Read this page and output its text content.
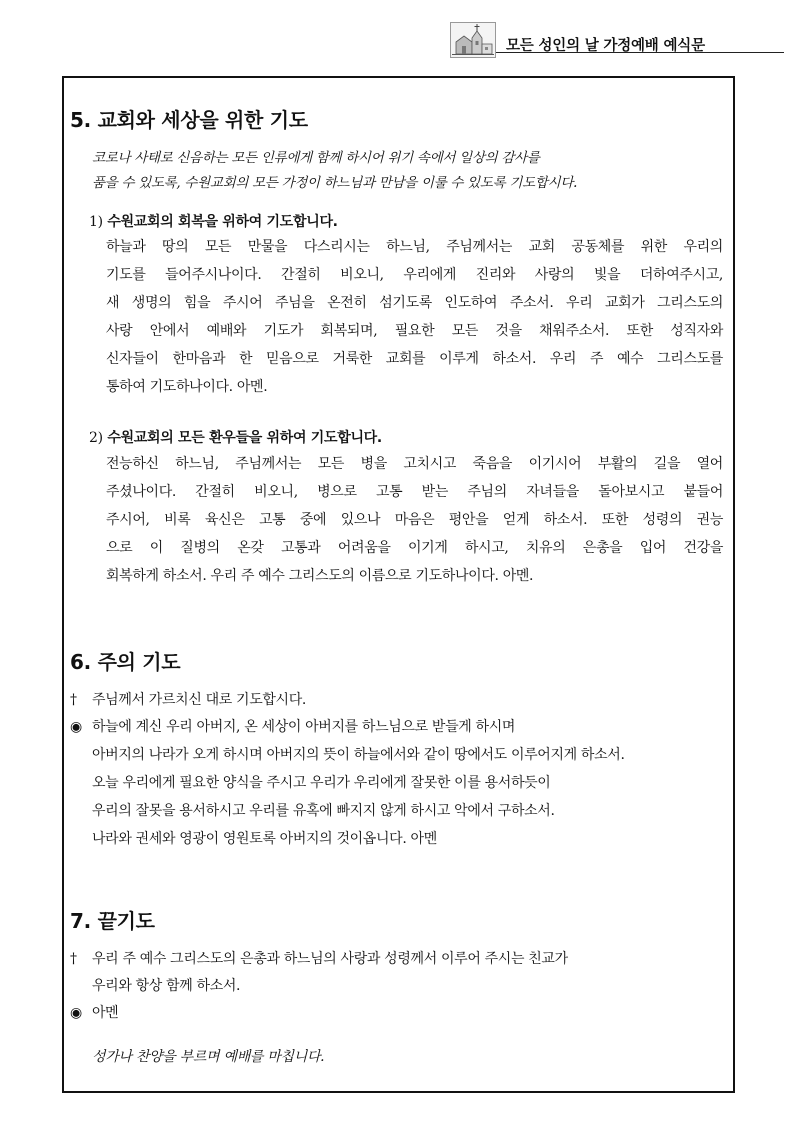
모든 성인의 날 가정예배 예식문
5. 교회와 세상을 위한 기도
코로나 사태로 신음하는 모든 인류에게 함께 하시어 위기 속에서 일상의 감사를
품을 수 있도록, 수원교회의 모든 가정이 하느님과 만남을 이룰 수 있도록 기도합시다.
1) 수원교회의 회복을 위하여 기도합니다.
하늘과 땅의 모든 만물을 다스리시는 하느님, 주님께서는 교회 공동체를 위한 우리의
기도를 들어주시나이다. 간절히 비오니, 우리에게 진리와 사랑의 빛을 더하여주시고,
새 생명의 힘을 주시어 주님을 온전히 섬기도록 인도하여 주소서. 우리 교회가 그리스도의
사랑 안에서 예배와 기도가 회복되며, 필요한 모든 것을 채워주소서. 또한 성직자와
신자들이 한마음과 한 믿음으로 거룩한 교회를 이루게 하소서. 우리 주 예수 그리스도를
통하여 기도하나이다. 아멘.
2) 수원교회의 모든 환우들을 위하여 기도합니다.
전능하신 하느님, 주님께서는 모든 병을 고치시고 죽음을 이기시어 부활의 길을 열어
주셨나이다. 간절히 비오니, 병으로 고통 받는 주님의 자녀들을 돌아보시고 붙들어
주시어, 비록 육신은 고통 중에 있으나 마음은 평안을 얻게 하소서. 또한 성령의 권능
으로 이 질병의 온갖 고통과 어려움을 이기게 하시고, 치유의 은총을 입어 건강을
회복하게 하소서. 우리 주 예수 그리스도의 이름으로 기도하나이다. 아멘.
6. 주의 기도
† 주님께서 가르치신 대로 기도합시다.
◉ 하늘에 계신 우리 아버지, 온 세상이 아버지를 하느님으로 받들게 하시며
아버지의 나라가 오게 하시며 아버지의 뜻이 하늘에서와 같이 땅에서도 이루어지게 하소서.
오늘 우리에게 필요한 양식을 주시고 우리가 우리에게 잘못한 이를 용서하듯이
우리의 잘못을 용서하시고 우리를 유혹에 빠지지 않게 하시고 악에서 구하소서.
나라와 권세와 영광이 영원토록 아버지의 것이옵니다. 아멘
7. 끝기도
† 우리 주 예수 그리스도의 은총과 하느님의 사랑과 성령께서 이루어 주시는 친교가
우리와 항상 함께 하소서.
◉ 아멘
성가나 찬양을 부르며 예배를 마칩니다.
